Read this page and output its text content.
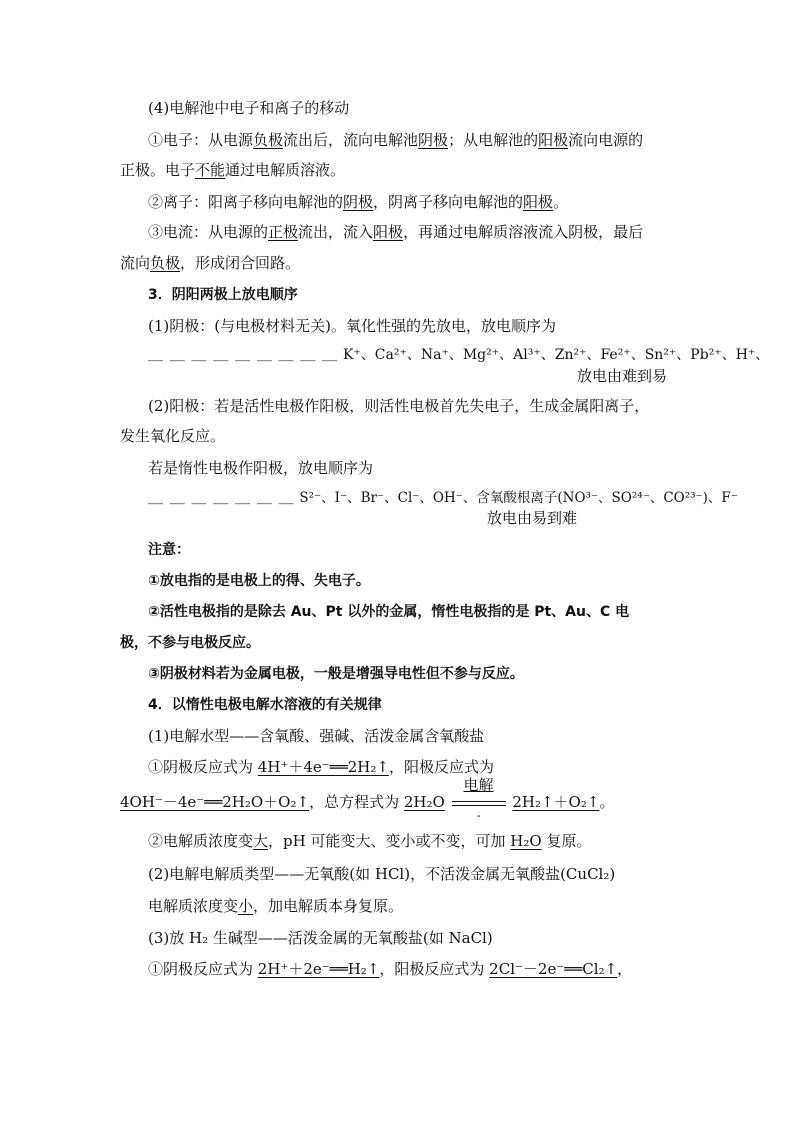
(4)电解池中电子和离子的移动
①电子：从电源负极流出后，流向电解池阴极；从电解池的阳极流向电源的
正极。电子不能通过电解质溶液。
②离子：阳离子移向电解池的阴极，阴离子移向电解池的阳极。
③电流：从电源的正极流出，流入阳极，再通过电解质溶液流入阴极，最后
流向负极，形成闭合回路。
3．阴阳两极上放电顺序
(1)阴极：(与电极材料无关)。氧化性强的先放电，放电顺序为
＿ ＿ ＿ ＿ ＿ ＿ ＿ ＿ ＿ K⁺、Ca²⁺、Na⁺、Mg²⁺、Al³⁺、Zn²⁺、Fe²⁺、Sn²⁺、Pb²⁺、H⁺、
放电由难到易
(2)阳极：若是活性电极作阳极，则活性电极首先失电子，生成金属阳离子，
发生氧化反应。
若是惰性电极作阳极，放电顺序为
＿ ＿ ＿ ＿ ＿ ＿ ＿ S²⁻、I⁻、Br⁻、Cl⁻、OH⁻、含氧酸根离子(NO³⁻、SO²⁴⁻、CO²³⁻)、F⁻
放电由易到难
注意：
①放电指的是电极上的得、失电子。
②活性电极指的是除去 Au、Pt 以外的金属，惰性电极指的是 Pt、Au、C 电
极，不参与电极反应。
③阴极材料若为金属电极，一般是增强导电性但不参与反应。
4．以惰性电极电解水溶液的有关规律
(1)电解水型——含氧酸、强碱、活泼金属含氧酸盐
①阴极反应式为 4H⁺＋4e⁻══2H₂↑，阳极反应式为
4OH⁻－4e⁻══2H₂O＋O₂↑，总方程式为 2H₂O
电解
-
2H₂↑＋O₂↑。
②电解质浓度变大，pH 可能变大、变小或不变，可加 H₂O 复原。
(2)电解电解质类型——无氧酸(如 HCl)，不活泼金属无氧酸盐(CuCl₂)
电解质浓度变小，加电解质本身复原。
(3)放 H₂ 生碱型——活泼金属的无氧酸盐(如 NaCl)
①阴极反应式为 2H⁺＋2e⁻══H₂↑，阳极反应式为 2Cl⁻－2e⁻══Cl₂↑，
